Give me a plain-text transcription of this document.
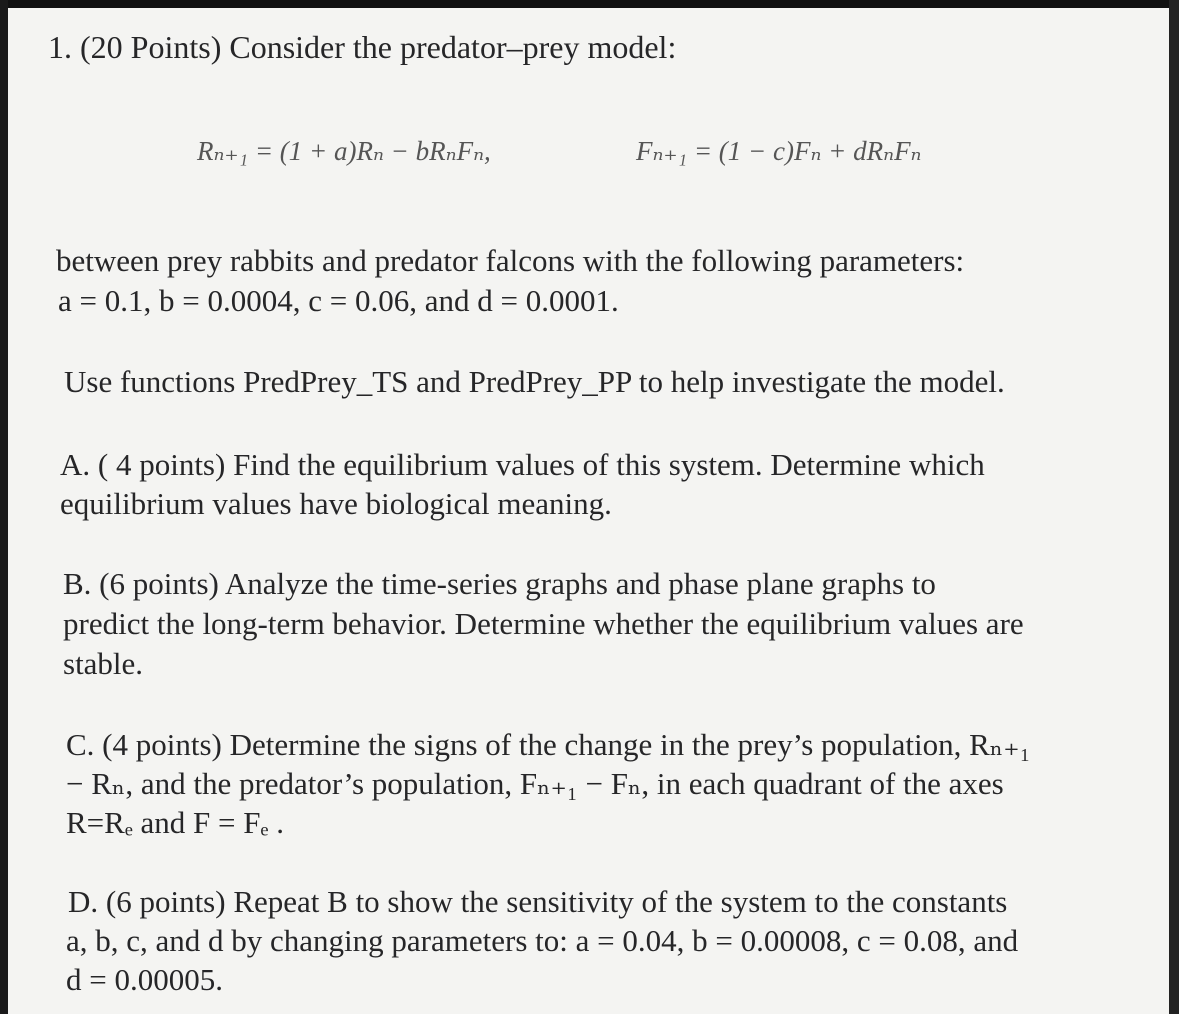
1. (20 Points) Consider the predator–prey model:
Rₙ₊₁ = (1 + a)Rₙ − bRₙFₙ,	Fₙ₊₁ = (1 − c)Fₙ + dRₙFₙ
between prey rabbits and predator falcons with the following parameters:
a = 0.1, b = 0.0004, c = 0.06, and d = 0.0001.
Use functions PredPrey_TS and PredPrey_PP to help investigate the model.
A. ( 4 points) Find the equilibrium values of this system. Determine which
equilibrium values have biological meaning.
B. (6 points) Analyze the time-series graphs and phase plane graphs to
predict the long-term behavior. Determine whether the equilibrium values are
stable.
C. (4 points) Determine the signs of the change in the prey’s population, Rₙ₊₁
− Rₙ, and the predator’s population, Fₙ₊₁ − Fₙ, in each quadrant of the axes
R=Rₑ and F = Fₑ .
D. (6 points) Repeat B to show the sensitivity of the system to the constants
a, b, c, and d by changing parameters to: a = 0.04, b = 0.00008, c = 0.08, and
d = 0.00005.
